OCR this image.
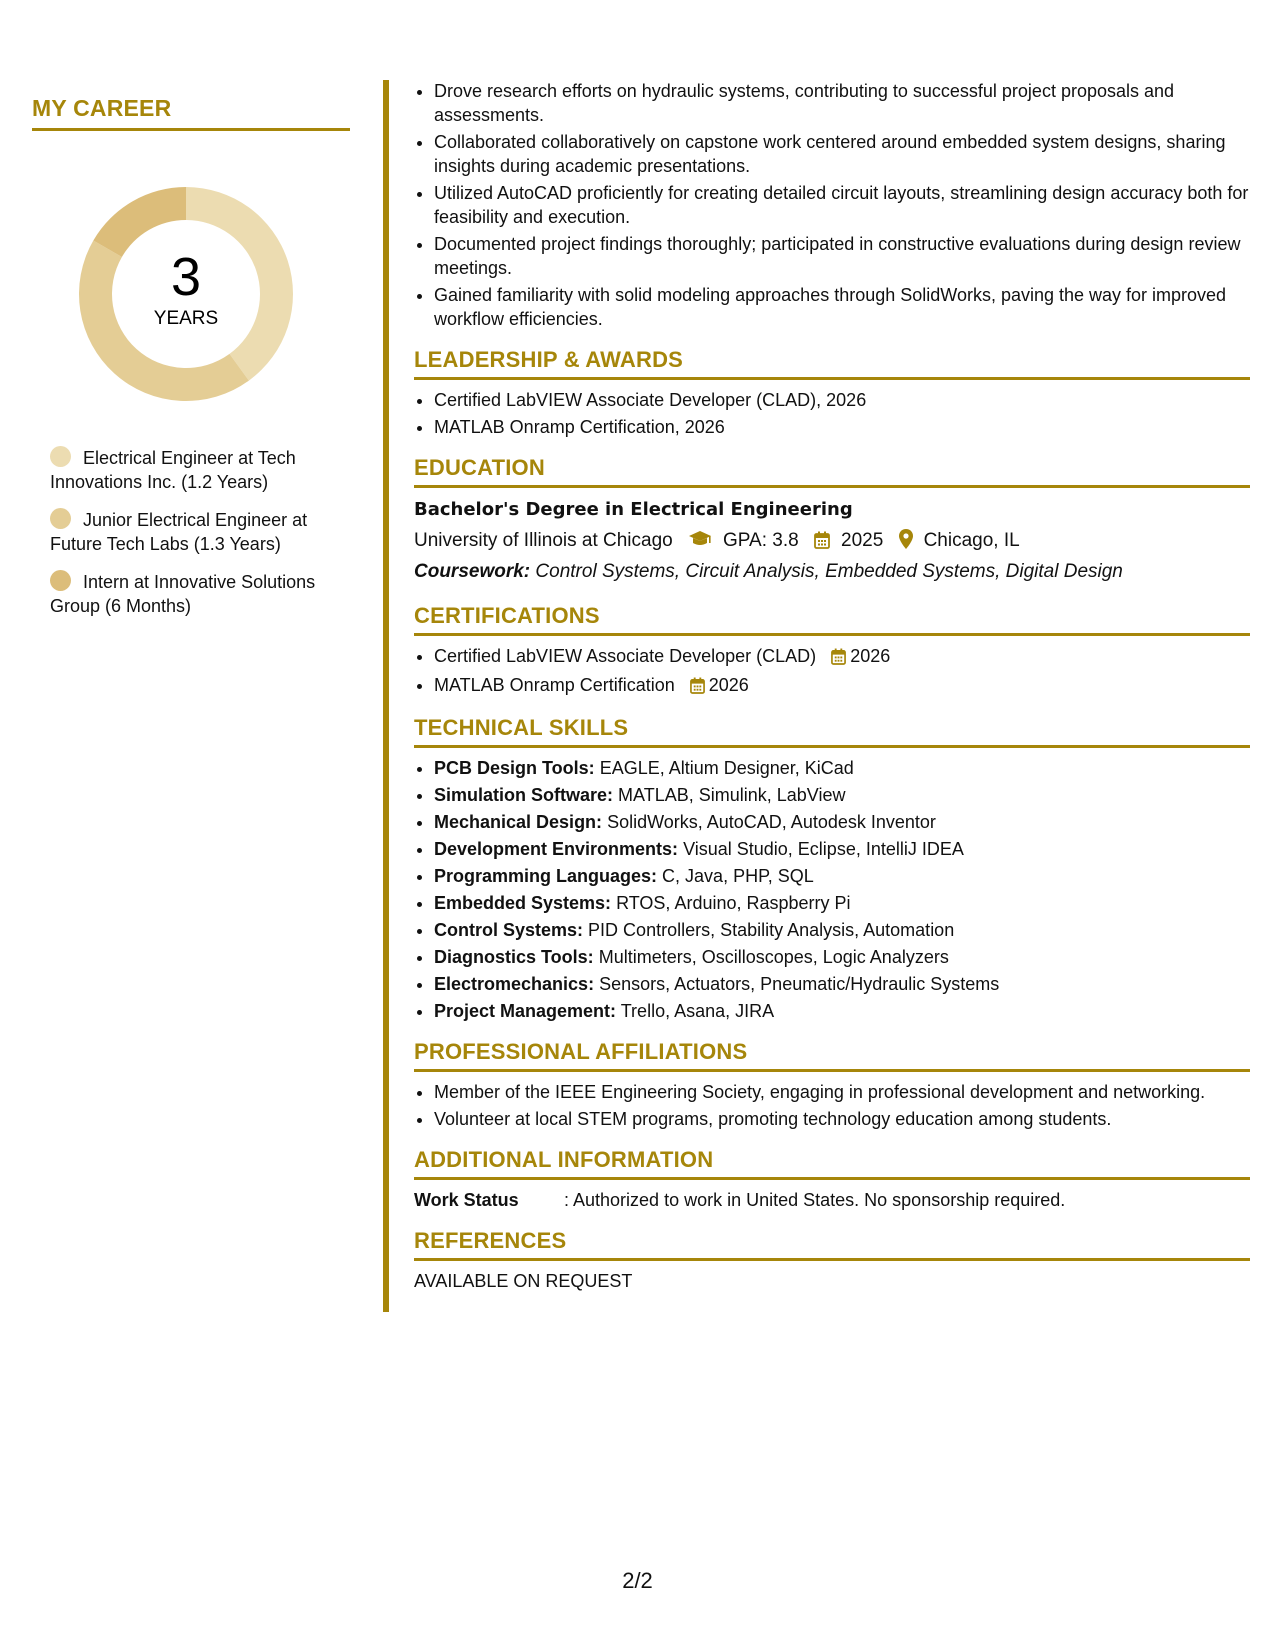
MY CAREER
3
YEARS
Electrical Engineer at Tech Innovations Inc. (1.2 Years)
Junior Electrical Engineer at Future Tech Labs (1.3 Years)
Intern at Innovative Solutions Group (6 Months)
• Drove research efforts on hydraulic systems, contributing to successful project proposals and assessments.
• Collaborated collaboratively on capstone work centered around embedded system designs, sharing insights during academic presentations.
• Utilized AutoCAD proficiently for creating detailed circuit layouts, streamlining design accuracy both for feasibility and execution.
• Documented project findings thoroughly; participated in constructive evaluations during design review meetings.
• Gained familiarity with solid modeling approaches through SolidWorks, paving the way for improved workflow efficiencies.
LEADERSHIP & AWARDS
• Certified LabVIEW Associate Developer (CLAD), 2026
• MATLAB Onramp Certification, 2026
EDUCATION
Bachelor's Degree in Electrical Engineering
University of Illinois at Chicago	GPA: 3.8 2025 Chicago, IL
Coursework: Control Systems, Circuit Analysis, Embedded Systems, Digital Design
CERTIFICATIONS
• Certified LabVIEW Associate Developer (CLAD) 2026
• MATLAB Onramp Certification 2026
TECHNICAL SKILLS
• PCB Design Tools: EAGLE, Altium Designer, KiCad
• Simulation Software: MATLAB, Simulink, LabView
• Mechanical Design: SolidWorks, AutoCAD, Autodesk Inventor
• Development Environments: Visual Studio, Eclipse, IntelliJ IDEA
• Programming Languages: C, Java, PHP, SQL
• Embedded Systems: RTOS, Arduino, Raspberry Pi
• Control Systems: PID Controllers, Stability Analysis, Automation
• Diagnostics Tools: Multimeters, Oscilloscopes, Logic Analyzers
• Electromechanics: Sensors, Actuators, Pneumatic/Hydraulic Systems
• Project Management: Trello, Asana, JIRA
PROFESSIONAL AFFILIATIONS
• Member of the IEEE Engineering Society, engaging in professional development and networking.
• Volunteer at local STEM programs, promoting technology education among students.
ADDITIONAL INFORMATION
Work Status	: Authorized to work in United States. No sponsorship required.
REFERENCES
AVAILABLE ON REQUEST
2/2
